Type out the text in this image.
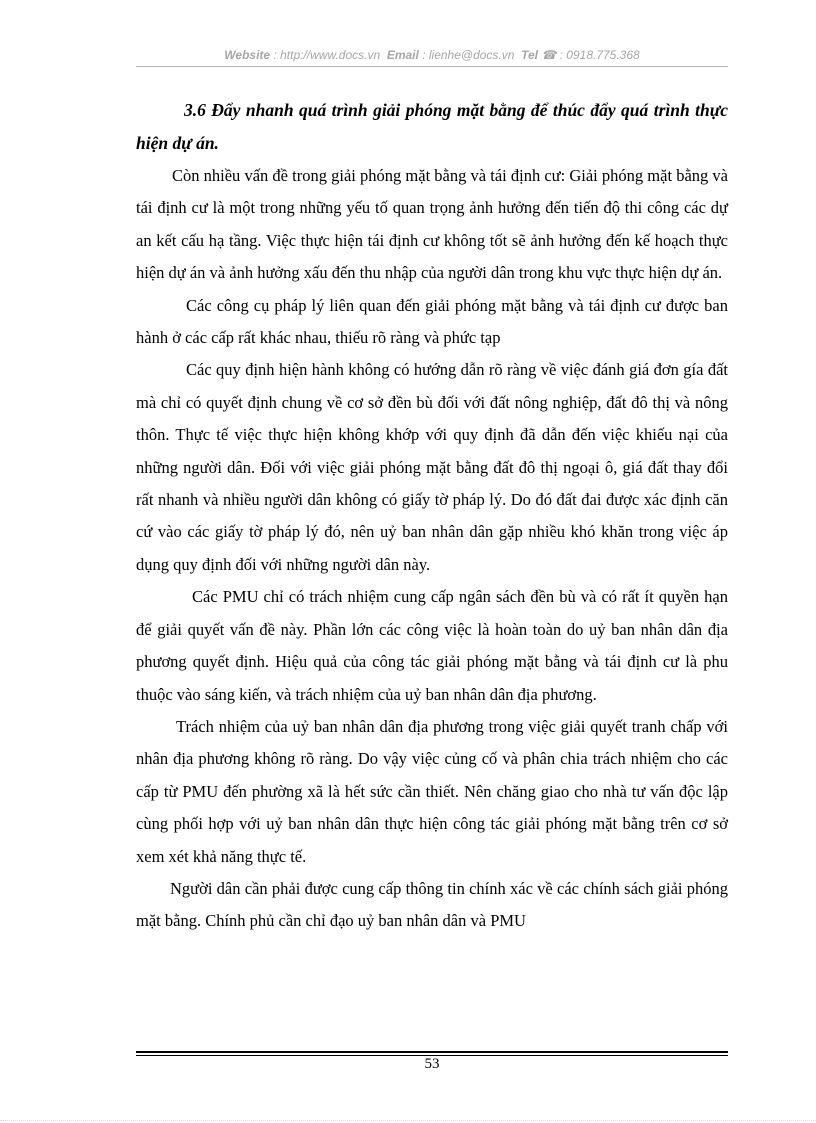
Website : http://www.docs.vn Email : lienhe@docs.vn Tel ☎ : 0918.775.368

3.6 Đẩy nhanh quá trình giải phóng mặt bằng để thúc đẩy quá trình thực hiện dự án.

Còn nhiều vấn đề trong giải phóng mặt bằng và tái định cư: Giải phóng mặt bằng và tái định cư là một trong những yếu tố quan trọng ảnh hưởng đến tiến độ thi công các dự an kết cấu hạ tầng. Việc thực hiện tái định cư không tốt sẽ ảnh hưởng đến kế hoạch thực hiện dự án và ảnh hưởng xấu đến thu nhập của người dân trong khu vực thực hiện dự án.

Các công cụ pháp lý liên quan đến giải phóng mặt bằng và tái định cư được ban hành ở các cấp rất khác nhau, thiếu rõ ràng và phức tạp

Các quy định hiện hành không có hướng dẫn rõ ràng về việc đánh giá đơn gía đất mà chỉ có quyết định chung về cơ sở đền bù đối với đất nông nghiệp, đất đô thị và nông thôn. Thực tế việc thực hiện không khớp với quy định đã dẫn đến việc khiếu nại của những người dân. Đối với việc giải phóng mặt bằng đất đô thị ngoại ô, giá đất thay đổi rất nhanh và nhiều người dân không có giấy tờ pháp lý. Do đó đất đai được xác định căn cứ vào các giấy tờ pháp lý đó, nên uỷ ban nhân dân gặp nhiều khó khăn trong việc áp dụng quy định đối với những người dân này.

Các PMU chỉ có trách nhiệm cung cấp ngân sách đền bù và có rất ít quyền hạn để giải quyết vấn đề này. Phần lớn các công việc là hoàn toàn do uỷ ban nhân dân địa phương quyết định. Hiệu quả của công tác giải phóng mặt bằng và tái định cư là phu thuộc vào sáng kiến, và trách nhiệm của uỷ ban nhân dân địa phương.

Trách nhiệm của uỷ ban nhân dân địa phương trong việc giải quyết tranh chấp với nhân địa phương không rõ ràng. Do vậy việc củng cố và phân chia trách nhiệm cho các cấp từ PMU đến phường xã là hết sức cần thiết. Nên chăng giao cho nhà tư vấn độc lập cùng phối hợp với uỷ ban nhân dân thực hiện công tác giải phóng mặt bằng trên cơ sở xem xét khả năng thực tế.

Người dân cần phải được cung cấp thông tin chính xác về các chính sách giải phóng mặt bằng. Chính phủ cần chỉ đạo uỷ ban nhân dân và PMU

53
